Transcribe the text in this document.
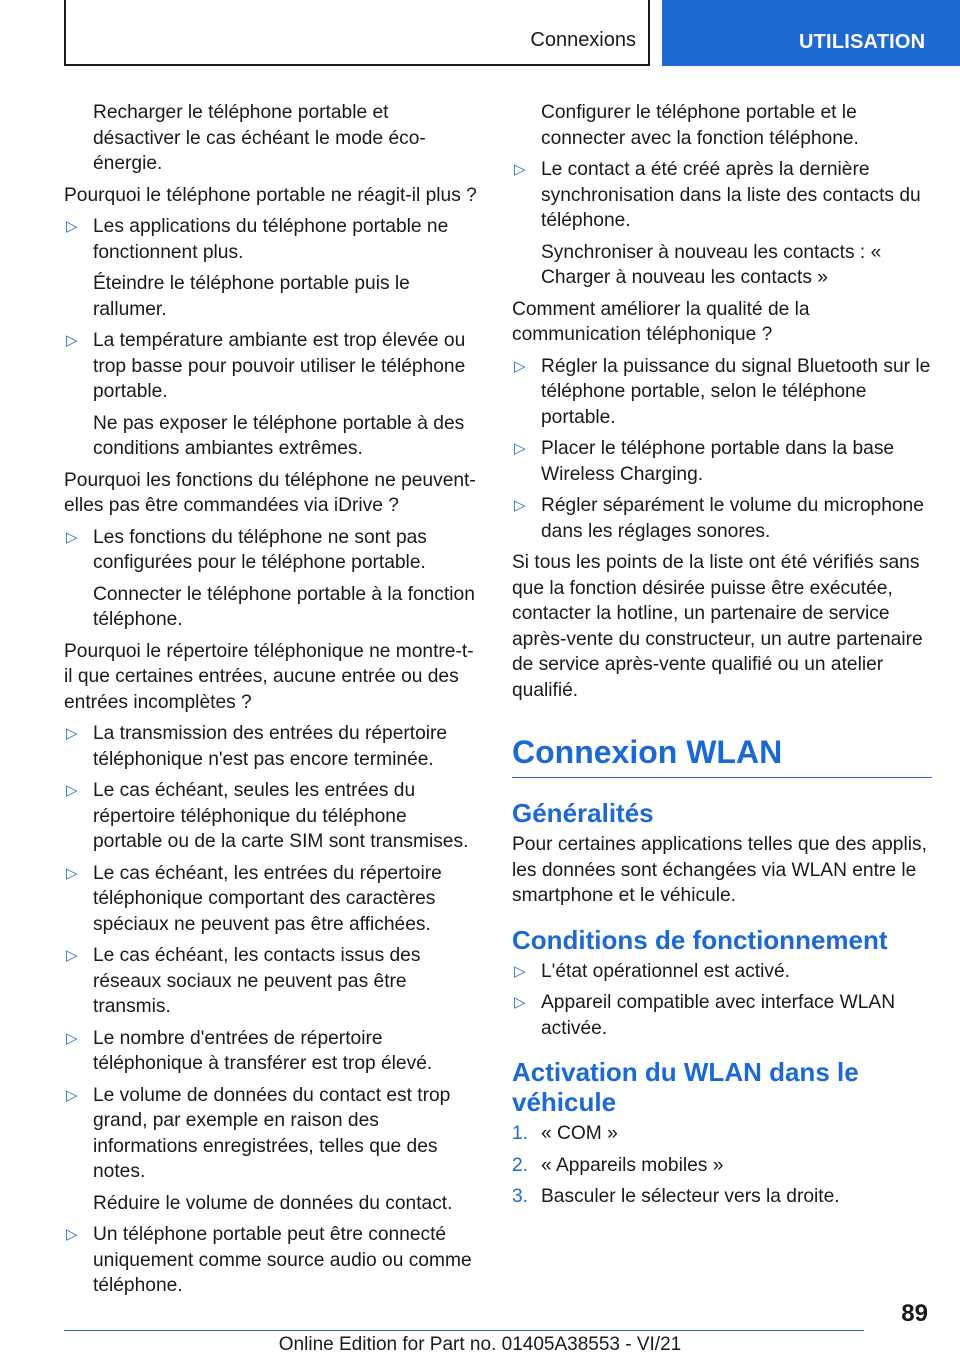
Connexions	UTILISATION
Recharger le téléphone portable et désactiver le cas échéant le mode éco-énergie.
Pourquoi le téléphone portable ne réagit-il plus ?
▷ Les applications du téléphone portable ne fonctionnent plus.
Éteindre le téléphone portable puis le rallumer.
▷ La température ambiante est trop élevée ou trop basse pour pouvoir utiliser le téléphone portable.
Ne pas exposer le téléphone portable à des conditions ambiantes extrêmes.
Pourquoi les fonctions du téléphone ne peuvent-elles pas être commandées via iDrive ?
▷ Les fonctions du téléphone ne sont pas configurées pour le téléphone portable.
Connecter le téléphone portable à la fonction téléphone.
Pourquoi le répertoire téléphonique ne montre-t-il que certaines entrées, aucune entrée ou des entrées incomplètes ?
▷ La transmission des entrées du répertoire téléphonique n'est pas encore terminée.
▷ Le cas échéant, seules les entrées du répertoire téléphonique du téléphone portable ou de la carte SIM sont transmises.
▷ Le cas échéant, les entrées du répertoire téléphonique comportant des caractères spéciaux ne peuvent pas être affichées.
▷ Le cas échéant, les contacts issus des réseaux sociaux ne peuvent pas être transmis.
▷ Le nombre d'entrées de répertoire téléphonique à transférer est trop élevé.
▷ Le volume de données du contact est trop grand, par exemple en raison des informations enregistrées, telles que des notes.
Réduire le volume de données du contact.
▷ Un téléphone portable peut être connecté uniquement comme source audio ou comme téléphone.
Configurer le téléphone portable et le connecter avec la fonction téléphone.
▷ Le contact a été créé après la dernière synchronisation dans la liste des contacts du téléphone.
Synchroniser à nouveau les contacts : « Charger à nouveau les contacts »
Comment améliorer la qualité de la communication téléphonique ?
▷ Régler la puissance du signal Bluetooth sur le téléphone portable, selon le téléphone portable.
▷ Placer le téléphone portable dans la base Wireless Charging.
▷ Régler séparément le volume du microphone dans les réglages sonores.
Si tous les points de la liste ont été vérifiés sans que la fonction désirée puisse être exécutée, contacter la hotline, un partenaire de service après-vente du constructeur, un autre partenaire de service après-vente qualifié ou un atelier qualifié.
Connexion WLAN
Généralités
Pour certaines applications telles que des applis, les données sont échangées via WLAN entre le smartphone et le véhicule.
Conditions de fonctionnement
▷ L'état opérationnel est activé.
▷ Appareil compatible avec interface WLAN activée.
Activation du WLAN dans le véhicule
1. « COM »
2. « Appareils mobiles »
3. Basculer le sélecteur vers la droite.
89
Online Edition for Part no. 01405A38553 - VI/21
